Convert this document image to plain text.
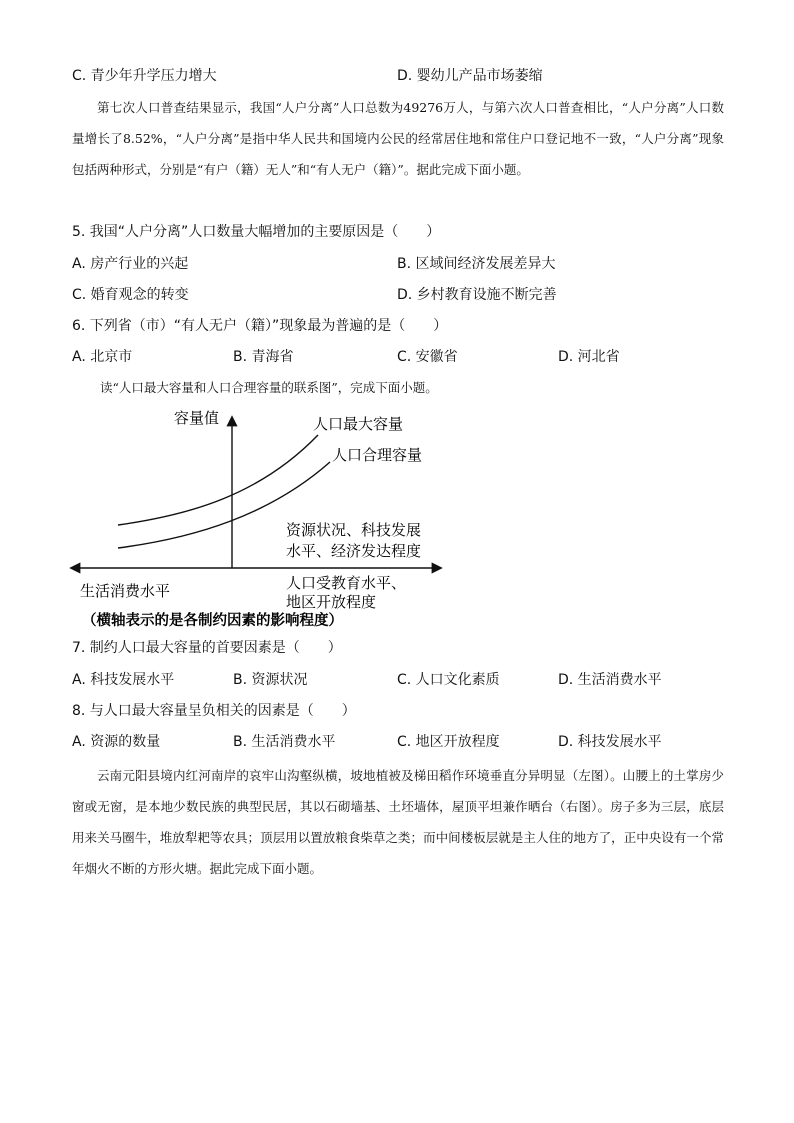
C. 青少年升学压力增大	D. 婴幼儿产品市场萎缩
第七次人口普查结果显示，我国“人户分离”人口总数为49276万人，与第六次人口普查相比，“人户分离”人口数量增长了8.52%，“人户分离”是指中华人民共和国境内公民的经常居住地和常住户口登记地不一致，“人户分离”现象包括两种形式，分别是“有户（籍）无人”和“有人无户（籍）”。据此完成下面小题。
5. 我国“人户分离”人口数量大幅增加的主要原因是（　　）
A. 房产行业的兴起	B. 区域间经济发展差异大
C. 婚育观念的转变	D. 乡村教育设施不断完善
6. 下列省（市）“有人无户（籍）”现象最为普遍的是（　　）
A. 北京市	B. 青海省	C. 安徽省	D. 河北省
读“人口最大容量和人口合理容量的联系图”，完成下面小题。
容量值	人口最大容量
人口合理容量
资源状况、科技发展
水平、经济发达程度
生活消费水平	人口受教育水平、
地区开放程度
（横轴表示的是各制约因素的影响程度）
7. 制约人口最大容量的首要因素是（　　）
A. 科技发展水平	B. 资源状况	C. 人口文化素质	D. 生活消费水平
8. 与人口最大容量呈负相关的因素是（　　）
A. 资源的数量	B. 生活消费水平	C. 地区开放程度	D. 科技发展水平
云南元阳县境内红河南岸的哀牢山沟壑纵横，坡地植被及梯田稻作环境垂直分异明显（左图）。山腰上的土掌房少窗或无窗，是本地少数民族的典型民居，其以石砌墙基、土坯墙体，屋顶平坦兼作晒台（右图）。房子多为三层，底层用来关马圈牛，堆放犁耙等农具；顶层用以置放粮食柴草之类；而中间楼板层就是主人住的地方了，正中央设有一个常年烟火不断的方形火塘。据此完成下面小题。
